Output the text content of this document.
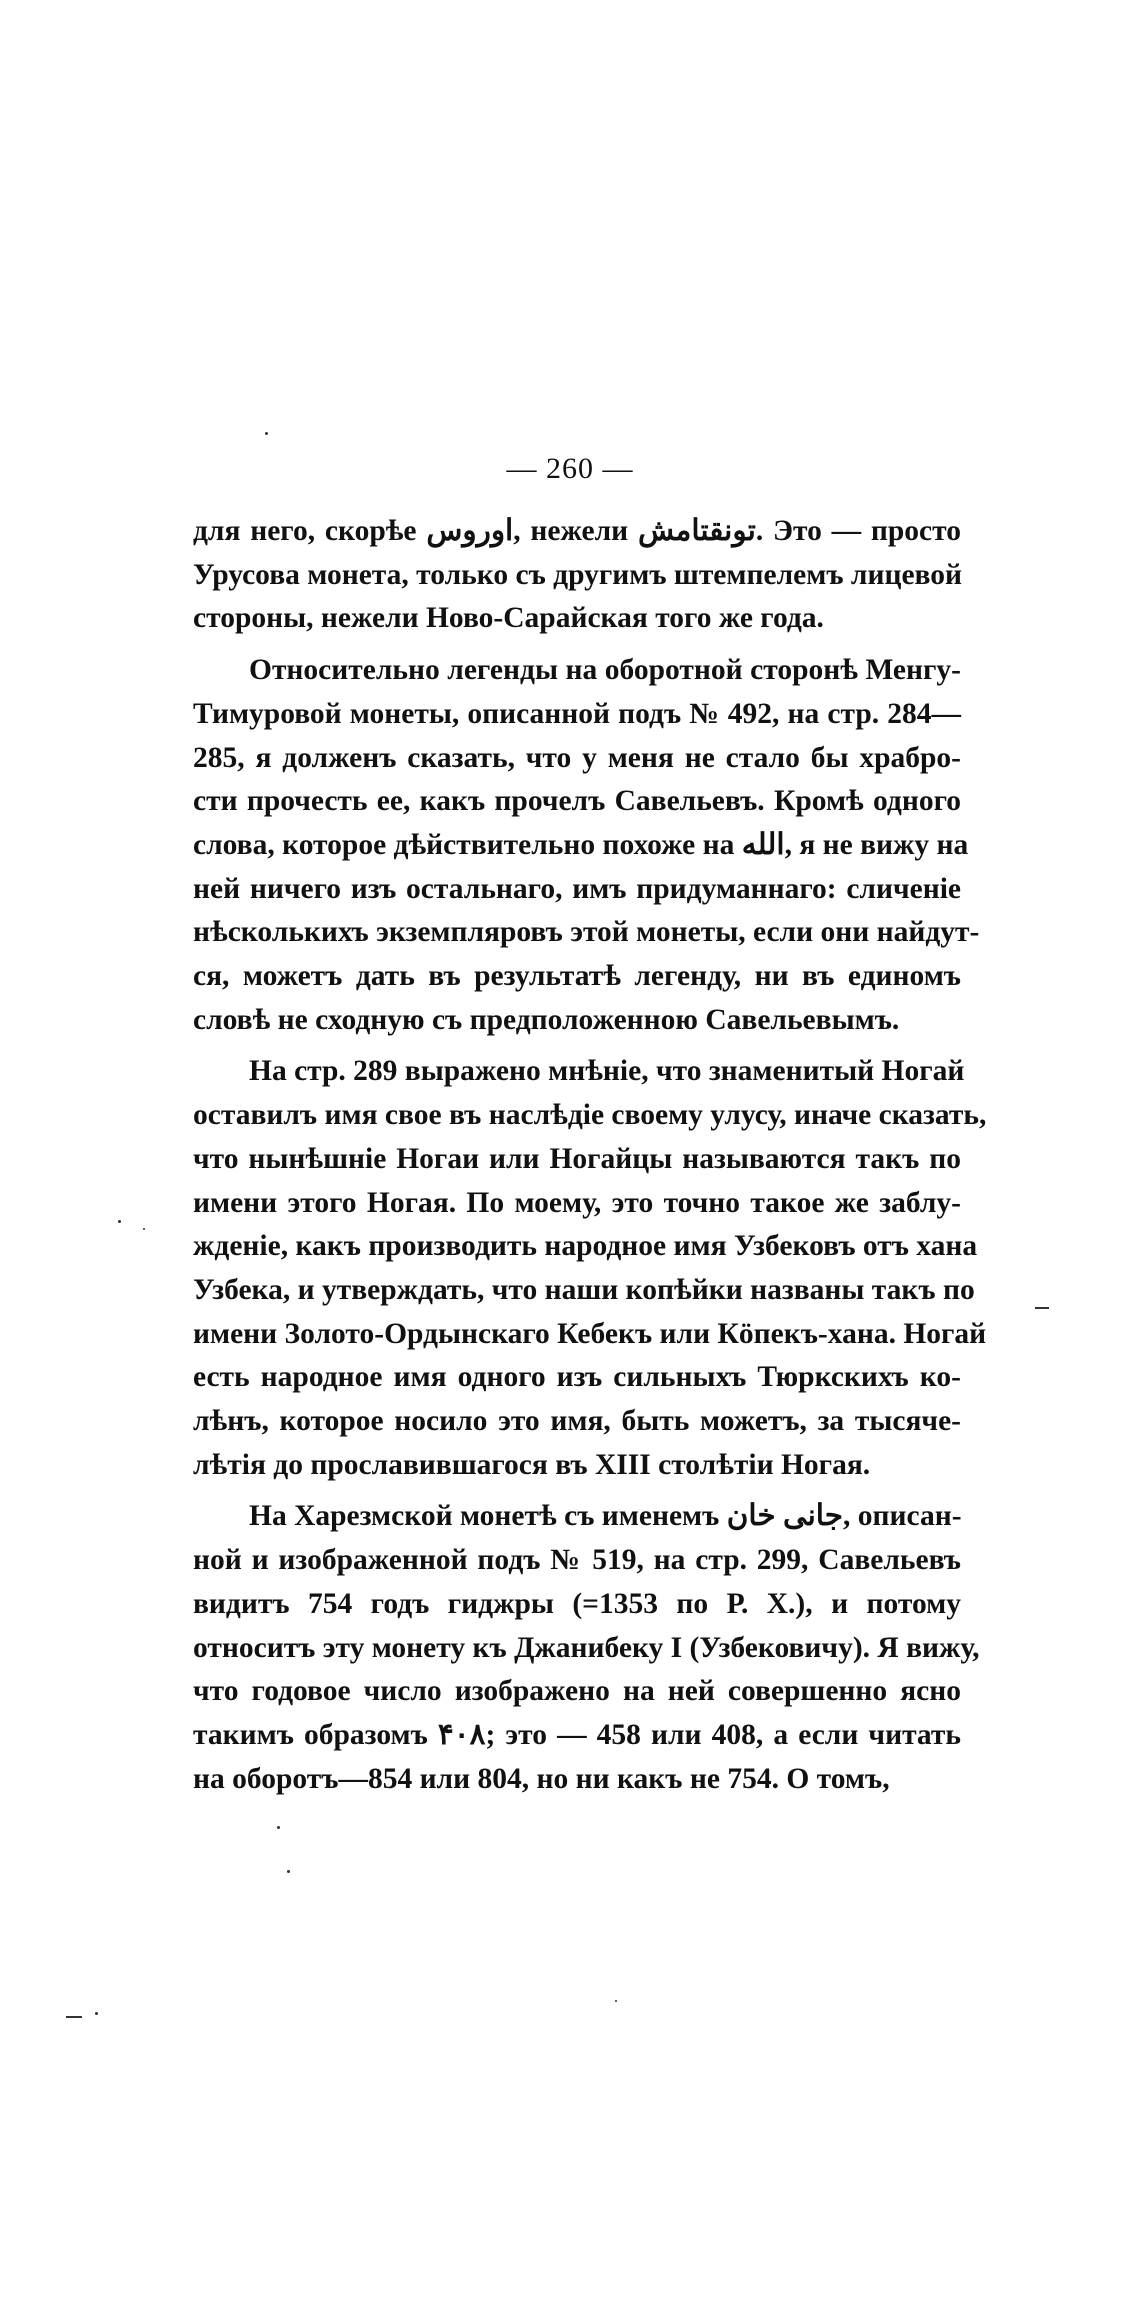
— 260 —
для него, скорѣе اوروس, нежели تونقتامش. Это — просто
Урусова монета, только съ другимъ штемпелемъ лицевой
стороны, нежели Ново-Сарайская того же года.
Относительно легенды на оборотной сторонѣ Менгу-
Тимуровой монеты, описанной подъ № 492, на стр. 284—
285, я долженъ сказать, что у меня не стало бы храбро-
сти прочесть ее, какъ прочелъ Савельевъ. Кромѣ одного
слова, которое дѣйствительно похоже на الله, я не вижу на
ней ничего изъ остальнаго, имъ придуманнаго: сличенie
нѣсколькихъ экземпляровъ этой монеты, если они найдут-
ся, можетъ дать въ результатѣ легенду, ни въ единомъ
словѣ не сходную съ предположенною Савельевымъ.
На стр. 289 выражено мнѣнie, что знаменитый Ногай
оставилъ имя свое въ наслѣдie своему улусу, иначе сказать,
что нынѣшнie Ногаи или Ногайцы называются такъ по
имени этого Ногая. По моему, это точно такое же заблу-
жденie, какъ производить народное имя Узбековъ отъ хана
Узбека, и утверждать, что наши копѣйки названы такъ по
имени Золото-Ордынскаго Кебекъ или Кöпекъ-хана. Ногай
есть народное имя одного изъ сильныхъ Тюркскихъ ко-
лѣнъ, которое носило это имя, быть можетъ, за тысяче-
лѣтiя до прославившагося въ XIII столѣтiи Ногая.
На Харезмской монетѣ съ именемъ جانی خان, описан-
ной и изображенной подъ № 519, на стр. 299, Савельевъ
видитъ 754 годъ гиджры (=1353 по Р. Х.), и потому
относитъ эту монету къ Джанибеку I (Узбековичу). Я вижу,
что годовое число изображено на ней совершенно ясно
такимъ образомъ ۴۰۸; это — 458 или 408, а если читать
на оборотъ—854 или 804, но ни какъ не 754. О томъ,
